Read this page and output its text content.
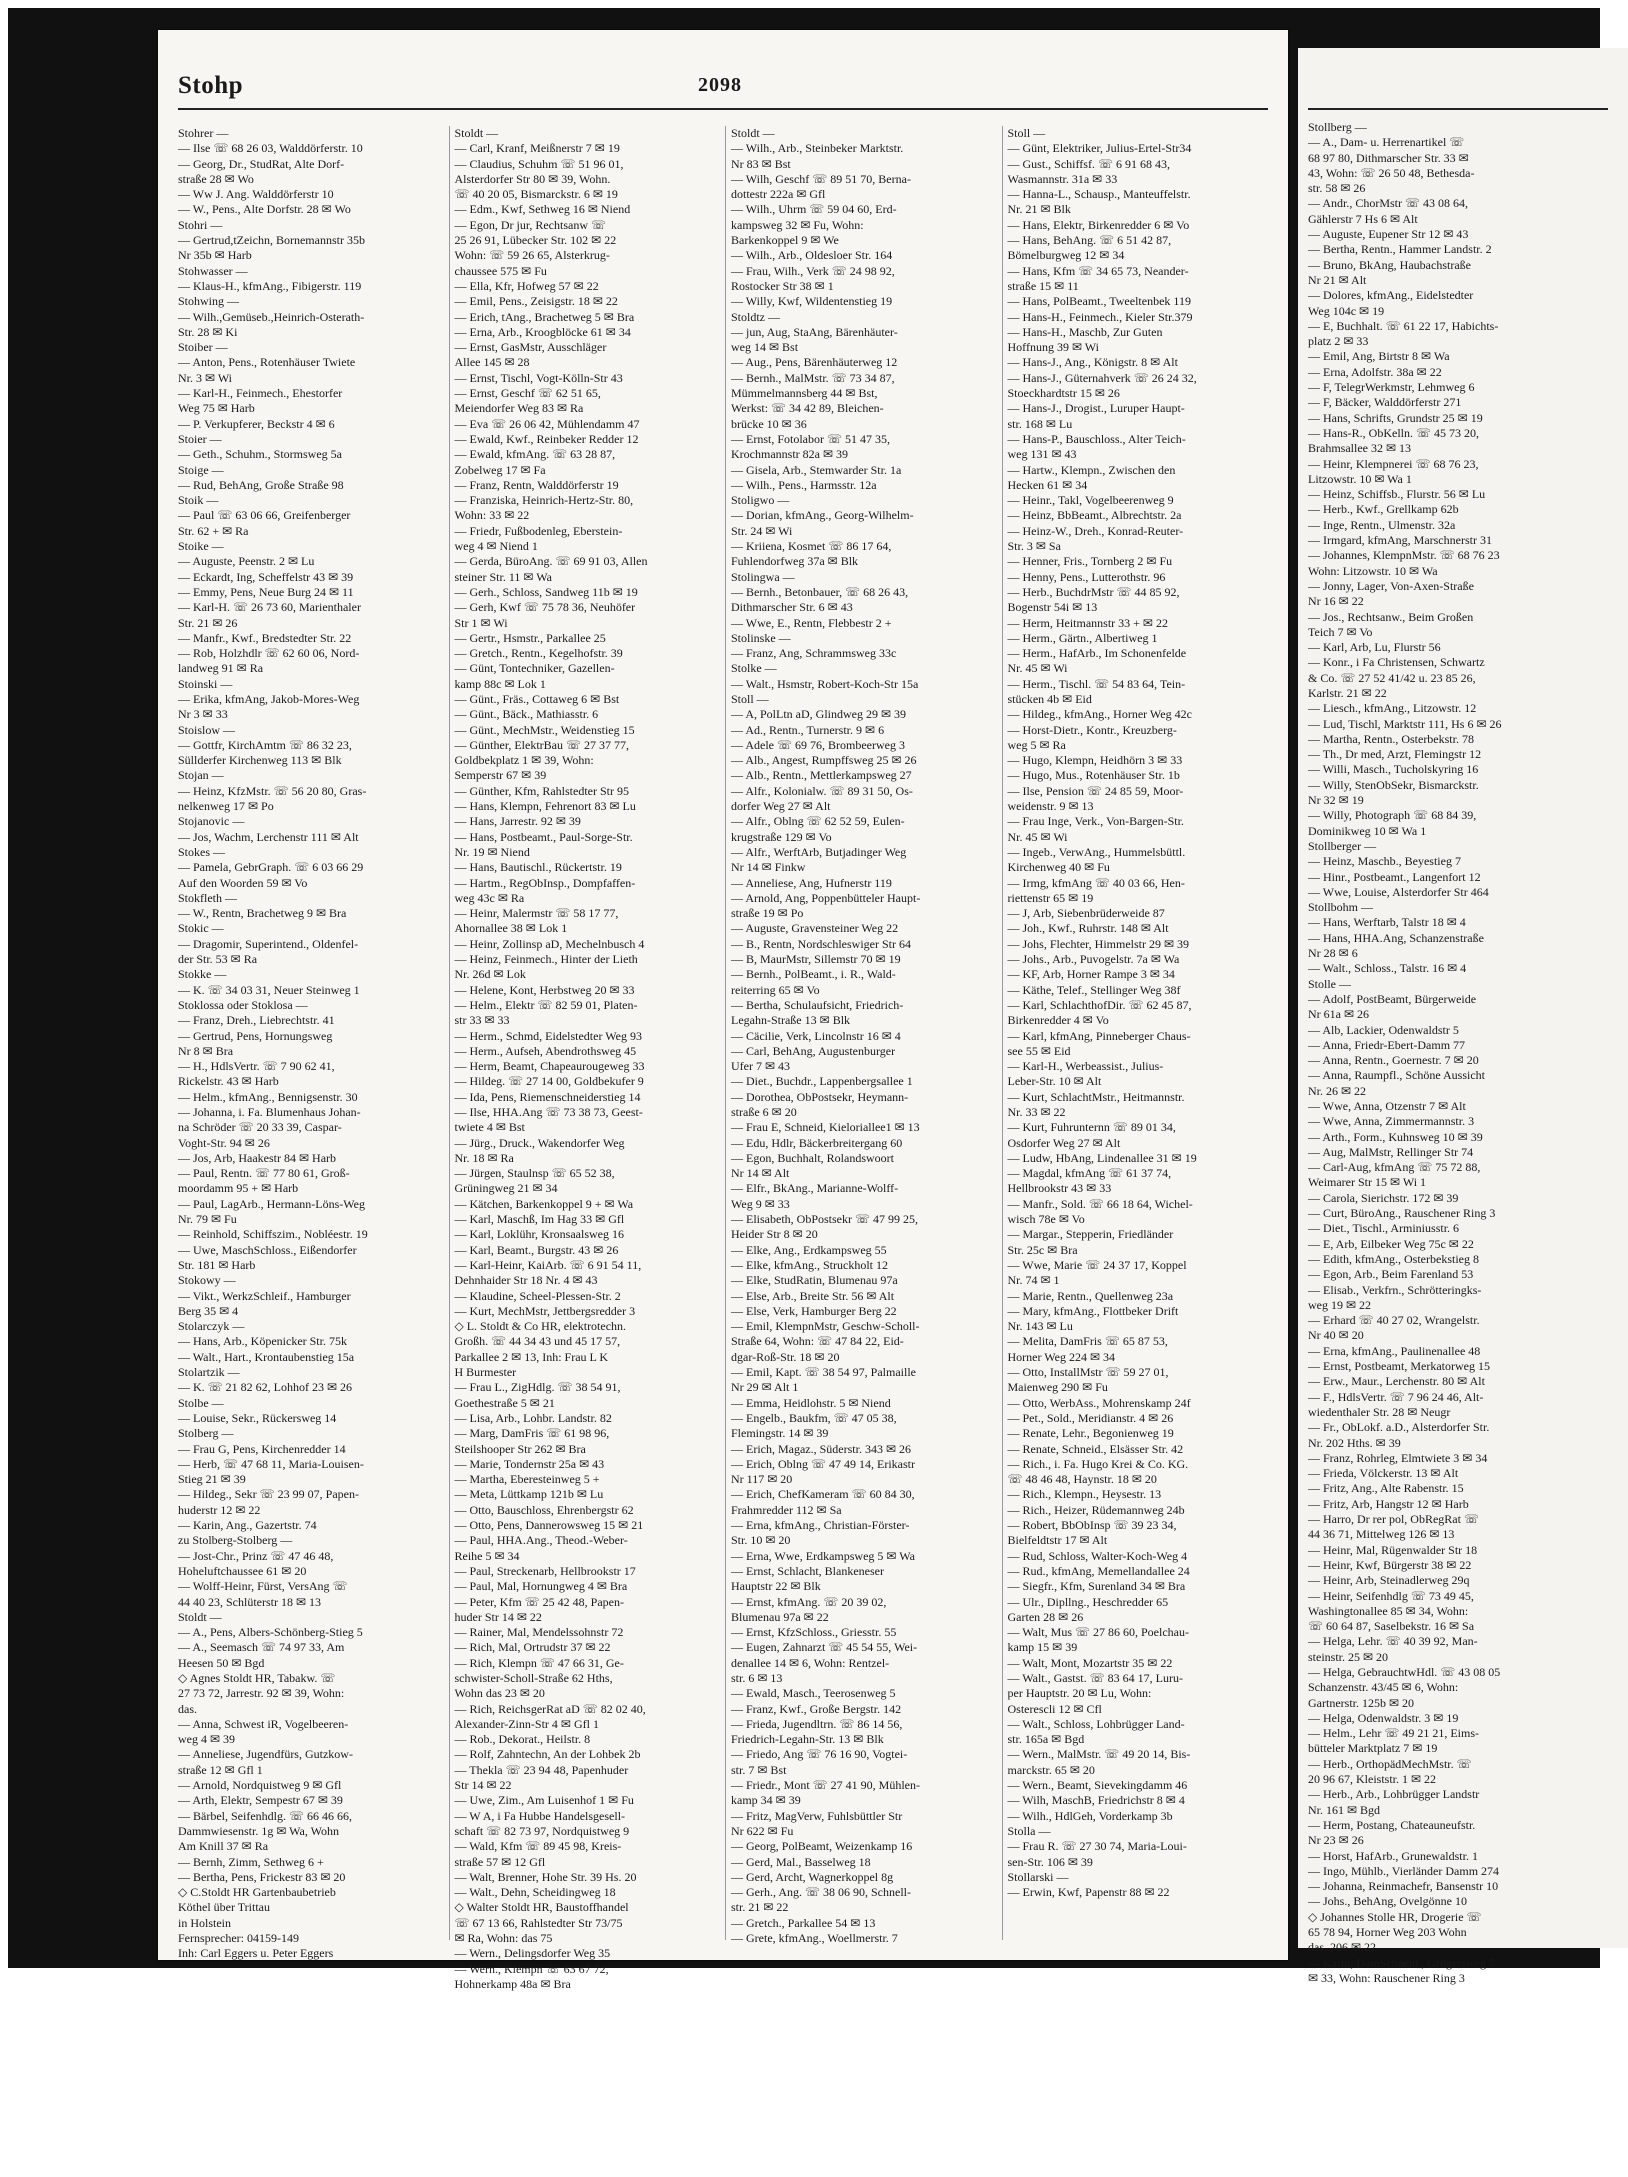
Stohp	2098
Stohrer —
— Ilse ☏ 68 26 03, Walddörferstr. 10
— Georg, Dr., StudRat, Alte Dorf-
straße 28 ✉ Wo
— Ww J. Ang. Walddörferstr 10
— W., Pens., Alte Dorfstr. 28 ✉ Wo
Stohri —
— Gertrud,tZeichn, Bornemannstr 35b
Nr 35b ✉ Harb
Stohwasser —
— Klaus-H., kfmAng., Fibigerstr. 119
Stohwing —
— Wilh.,Gemüseb.,Heinrich-Osterath-
Str. 28 ✉ Ki
Stoiber —
— Anton, Pens., Rotenhäuser Twiete
Nr. 3 ✉ Wi
— Karl-H., Feinmech., Ehestorfer
Weg 75 ✉ Harb
— P. Verkupferer, Beckstr 4 ✉ 6
Stoier —
— Geth., Schuhm., Stormsweg 5a
Stoige —
— Rud, BehAng, Große Straße 98
Stoik —
— Paul ☏ 63 06 66, Greifenberger
Str. 62 + ✉ Ra
Stoike —
— Auguste, Peenstr. 2 ✉ Lu
— Eckardt, Ing, Scheffelstr 43 ✉ 39
— Emmy, Pens, Neue Burg 24 ✉ 11
— Karl-H. ☏ 26 73 60, Marienthaler
Str. 21 ✉ 26
— Manfr., Kwf., Bredstedter Str. 22
— Rob, Holzhdlr ☏ 62 60 06, Nord-
landweg 91 ✉ Ra
Stoinski —
— Erika, kfmAng, Jakob-Mores-Weg
Nr 3 ✉ 33
Stoislow —
— Gottfr, KirchAmtm ☏ 86 32 23,
Süllderfer Kirchenweg 113 ✉ Blk
Stojan —
— Heinz, KfzMstr. ☏ 56 20 80, Gras-
nelkenweg 17 ✉ Po
Stojanovic —
— Jos, Wachm, Lerchenstr 111 ✉ Alt
Stokes —
— Pamela, GebrGraph. ☏ 6 03 66 29
Auf den Woorden 59 ✉ Vo
Stokfleth —
— W., Rentn, Brachetweg 9 ✉ Bra
Stokic —
— Dragomir, Superintend., Oldenfel-
der Str. 53 ✉ Ra
Stokke —
— K. ☏ 34 03 31, Neuer Steinweg 1
Stoklossa oder Stoklosa —
— Franz, Dreh., Liebrechtstr. 41
— Gertrud, Pens, Hornungsweg
Nr 8 ✉ Bra
— H., HdlsVertr. ☏ 7 90 62 41,
Rickelstr. 43 ✉ Harb
— Helm., kfmAng., Bennigsenstr. 30
— Johanna, i. Fa. Blumenhaus Johan-
na Schröder ☏ 20 33 39, Caspar-
Voght-Str. 94 ✉ 26
— Jos, Arb, Haakestr 84 ✉ Harb
— Paul, Rentn. ☏ 77 80 61, Groß-
moordamm 95 + ✉ Harb
— Paul, LagArb., Hermann-Löns-Weg
Nr. 79 ✉ Fu
— Reinhold, Schiffszim., Nobléestr. 19
— Uwe, MaschSchloss., Eißendorfer
Str. 181 ✉ Harb
Stokowy —
— Vikt., WerkzSchleif., Hamburger
Berg 35 ✉ 4
Stolarczyk —
— Hans, Arb., Köpenicker Str. 75k
— Walt., Hart., Krontaubenstieg 15a
Stolartzik —
— K. ☏ 21 82 62, Lohhof 23 ✉ 26
Stolbe —
— Louise, Sekr., Rückersweg 14
Stolberg —
— Frau G, Pens, Kirchenredder 14
— Herb, ☏ 47 68 11, Maria-Louisen-
Stieg 21 ✉ 39
— Hildeg., Sekr ☏ 23 99 07, Papen-
huderstr 12 ✉ 22
— Karin, Ang., Gazertstr. 74
zu Stolberg-Stolberg —
— Jost-Chr., Prinz ☏ 47 46 48,
Hoheluftchaussee 61 ✉ 20
— Wolff-Heinr, Fürst, VersAng ☏
44 40 23, Schlüterstr 18 ✉ 13
Stoldt —
— A., Pens, Albers-Schönberg-Stieg 5
— A., Seemasch ☏ 74 97 33, Am
Heesen 50 ✉ Bgd
◇ Agnes Stoldt HR, Tabakw. ☏
27 73 72, Jarrestr. 92 ✉ 39, Wohn:
das.
— Anna, Schwest iR, Vogelbeeren-
weg 4 ✉ 39
— Anneliese, Jugendfürs, Gutzkow-
straße 12 ✉ Gfl 1
— Arnold, Nordquistweg 9 ✉ Gfl
— Arth, Elektr, Sempestr 67 ✉ 39
— Bärbel, Seifenhdlg. ☏ 66 46 66,
Dammwiesenstr. 1g ✉ Wa, Wohn
Am Knill 37 ✉ Ra
— Bernh, Zimm, Sethweg 6 +
— Bertha, Pens, Frickestr 83 ✉ 20
◇ C.Stoldt HR Gartenbaubetrieb
Köthel über Trittau
in Holstein
Fernsprecher: 04159-149
Inh: Carl Eggers u. Peter Eggers
Stoldt —
— Carl, Kranf, Meißnerstr 7 ✉ 19
— Claudius, Schuhm ☏ 51 96 01,
Alsterdorfer Str 80 ✉ 39, Wohn.
☏ 40 20 05, Bismarckstr. 6 ✉ 19
— Edm., Kwf, Sethweg 16 ✉ Niend
— Egon, Dr jur, Rechtsanw ☏
25 26 91, Lübecker Str. 102 ✉ 22
Wohn: ☏ 59 26 65, Alsterkrug-
chaussee 575 ✉ Fu
— Ella, Kfr, Hofweg 57 ✉ 22
— Emil, Pens., Zeisigstr. 18 ✉ 22
— Erich, tAng., Brachetweg 5 ✉ Bra
— Erna, Arb., Kroogblöcke 61 ✉ 34
— Ernst, GasMstr, Ausschläger
Allee 145 ✉ 28
— Ernst, Tischl, Vogt-Kölln-Str 43
— Ernst, Geschf ☏ 62 51 65,
Meiendorfer Weg 83 ✉ Ra
— Eva ☏ 26 06 42, Mühlendamm 47
— Ewald, Kwf., Reinbeker Redder 12
— Ewald, kfmAng. ☏ 63 28 87,
Zobelweg 17 ✉ Fa
— Franz, Rentn, Walddörferstr 19
— Franziska, Heinrich-Hertz-Str. 80,
Wohn: 33 ✉ 22
— Friedr, Fußbodenleg, Eberstein-
weg 4 ✉ Niend 1
— Gerda, BüroAng. ☏ 69 91 03, Allen
steiner Str. 11 ✉ Wa
— Gerh., Schloss, Sandweg 11b ✉ 19
— Gerh, Kwf ☏ 75 78 36, Neuhöfer
Str 1 ✉ Wi
— Gertr., Hsmstr., Parkallee 25
— Gretch., Rentn., Kegelhofstr. 39
— Günt, Tontechniker, Gazellen-
kamp 88c ✉ Lok 1
— Günt., Fräs., Cottaweg 6 ✉ Bst
— Günt., Bäck., Mathiasstr. 6
— Günt., MechMstr., Weidenstieg 15
— Günther, ElektrBau ☏ 27 37 77,
Goldbekplatz 1 ✉ 39, Wohn:
Semperstr 67 ✉ 39
— Günther, Kfm, Rahlstedter Str 95
— Hans, Klempn, Fehrenort 83 ✉ Lu
— Hans, Jarrestr. 92 ✉ 39
— Hans, Postbeamt., Paul-Sorge-Str.
Nr. 19 ✉ Niend
— Hans, Bautischl., Rückertstr. 19
— Hartm., RegObInsp., Dompfaffen-
weg 43c ✉ Ra
— Heinr, Malermstr ☏ 58 17 77,
Ahornallee 38 ✉ Lok 1
— Heinr, Zollinsp aD, Mechelnbusch 4
— Heinz, Feinmech., Hinter der Lieth
Nr. 26d ✉ Lok
— Helene, Kont, Herbstweg 20 ✉ 33
— Helm., Elektr ☏ 82 59 01, Platen-
str 33 ✉ 33
— Herm., Schmd, Eidelstedter Weg 93
— Herm., Aufseh, Abendrothsweg 45
— Herm, Beamt, Chapeaurougeweg 33
— Hildeg. ☏ 27 14 00, Goldbekufer 9
— Ida, Pens, Riemenschneiderstieg 14
— Ilse, HHA.Ang ☏ 73 38 73, Geest-
twiete 4 ✉ Bst
— Jürg., Druck., Wakendorfer Weg
Nr. 18 ✉ Ra
— Jürgen, Staulnsp ☏ 65 52 38,
Grüningweg 21 ✉ 34
— Kätchen, Barkenkoppel 9 + ✉ Wa
— Karl, Maschß, Im Hag 33 ✉ Gfl
— Karl, Loklühr, Kronsaalsweg 16
— Karl, Beamt., Burgstr. 43 ✉ 26
— Karl-Heinr, KaiArb. ☏ 6 91 54 11,
Dehnhaider Str 18 Nr. 4 ✉ 43
— Klaudine, Scheel-Plessen-Str. 2
— Kurt, MechMstr, Jettbergsredder 3
◇ L. Stoldt & Co HR, elektrotechn.
Großh. ☏ 44 34 43 und 45 17 57,
Parkallee 2 ✉ 13, Inh: Frau L K
H Burmester
— Frau L., ZigHdlg. ☏ 38 54 91,
Goethestraße 5 ✉ 21
— Lisa, Arb., Lohbr. Landstr. 82
— Marg, DamFris ☏ 61 98 96,
Steilshooper Str 262 ✉ Bra
— Marie, Tondernstr 25a ✉ 43
— Martha, Eberesteinweg 5 +
— Meta, Lüttkamp 121b ✉ Lu
— Otto, Bauschloss, Ehrenbergstr 62
— Otto, Pens, Dannerowsweg 15 ✉ 21
— Paul, HHA.Ang., Theod.-Weber-
Reihe 5 ✉ 34
— Paul, Streckenarb, Hellbrookstr 17
— Paul, Mal, Hornungweg 4 ✉ Bra
— Peter, Kfm ☏ 25 42 48, Papen-
huder Str 14 ✉ 22
— Rainer, Mal, Mendelssohnstr 72
— Rich, Mal, Ortrudstr 37 ✉ 22
— Rich, Klempn ☏ 47 66 31, Ge-
schwister-Scholl-Straße 62 Hths,
Wohn das 23 ✉ 20
— Rich, ReichsgerRat aD ☏ 82 02 40,
Alexander-Zinn-Str 4 ✉ Gfl 1
— Rob., Dekorat., Heilstr. 8
— Rolf, Zahntechn, An der Lohbek 2b
— Thekla ☏ 23 94 48, Papenhuder
Str 14 ✉ 22
— Uwe, Zim., Am Luisenhof 1 ✉ Fu
— W A, i Fa Hubbe Handelsgesell-
schaft ☏ 82 73 97, Nordquistweg 9
— Wald, Kfm ☏ 89 45 98, Kreis-
straße 57 ✉ 12 Gfl
— Walt, Brenner, Hohe Str. 39 Hs. 20
— Walt., Dehn, Scheidingweg 18
◇ Walter Stoldt HR, Baustoffhandel
☏ 67 13 66, Rahlstedter Str 73/75
✉ Ra, Wohn: das 75
— Wern., Delingsdorfer Weg 35
— Wern., Klempn ☏ 63 67 72,
Hohnerkamp 48a ✉ Bra
Stoldt —
— Wilh., Arb., Steinbeker Marktstr.
Nr 83 ✉ Bst
— Wilh, Geschf ☏ 89 51 70, Berna-
dottestr 222a ✉ Gfl
— Wilh., Uhrm ☏ 59 04 60, Erd-
kampsweg 32 ✉ Fu, Wohn:
Barkenkoppel 9 ✉ We
— Wilh., Arb., Oldesloer Str. 164
— Frau, Wilh., Verk ☏ 24 98 92,
Rostocker Str 38 ✉ 1
— Willy, Kwf, Wildentenstieg 19
Stoldtz —
— jun, Aug, StaAng, Bärenhäuter-
weg 14 ✉ Bst
— Aug., Pens, Bärenhäuterweg 12
— Bernh., MalMstr. ☏ 73 34 87,
Mümmelmannsberg 44 ✉ Bst,
Werkst: ☏ 34 42 89, Bleichen-
brücke 10 ✉ 36
— Ernst, Fotolabor ☏ 51 47 35,
Krochmannstr 82a ✉ 39
— Gisela, Arb., Stemwarder Str. 1a
— Wilh., Pens., Harmsstr. 12a
Stoligwo —
— Dorian, kfmAng., Georg-Wilhelm-
Str. 24 ✉ Wi
— Kriiena, Kosmet ☏ 86 17 64,
Fuhlendorfweg 37a ✉ Blk
Stolingwa —
— Bernh., Betonbauer, ☏ 68 26 43,
Dithmarscher Str. 6 ✉ 43
— Wwe, E., Rentn, Flebbestr 2 +
Stolinske —
— Franz, Ang, Schrammsweg 33c
Stolke —
— Walt., Hsmstr, Robert-Koch-Str 15a
Stoll —
— A, PolLtn aD, Glindweg 29 ✉ 39
— Ad., Rentn., Turnerstr. 9 ✉ 6
— Adele ☏ 69 76, Brombeerweg 3
— Alb., Angest, Rumpffsweg 25 ✉ 26
— Alb., Rentn., Mettlerkampsweg 27
— Alfr., Kolonialw. ☏ 89 31 50, Os-
dorfer Weg 27 ✉ Alt
— Alfr., Oblng ☏ 62 52 59, Eulen-
krugstraße 129 ✉ Vo
— Alfr., WerftArb, Butjadinger Weg
Nr 14 ✉ Finkw
— Anneliese, Ang, Hufnerstr 119
— Arnold, Ang, Poppenbütteler Haupt-
straße 19 ✉ Po
— Auguste, Gravensteiner Weg 22
— B., Rentn, Nordschleswiger Str 64
— B, MaurMstr, Sillemstr 70 ✉ 19
— Bernh., PolBeamt., i. R., Wald-
reiterring 65 ✉ Vo
— Bertha, Schulaufsicht, Friedrich-
Legahn-Straße 13 ✉ Blk
— Cäcilie, Verk, Lincolnstr 16 ✉ 4
— Carl, BehAng, Augustenburger
Ufer 7 ✉ 43
— Diet., Buchdr., Lappenbergsallee 1
— Dorothea, ObPostsekr, Heymann-
straße 6 ✉ 20
— Frau E, Schneid, Kieloriallee1 ✉ 13
— Edu, Hdlr, Bäckerbreitergang 60
— Egon, Buchhalt, Rolandswoort
Nr 14 ✉ Alt
— Elfr., BkAng., Marianne-Wolff-
Weg 9 ✉ 33
— Elisabeth, ObPostsekr ☏ 47 99 25,
Heider Str 8 ✉ 20
— Elke, Ang., Erdkampsweg 55
— Elke, kfmAng., Struckholt 12
— Elke, StudRatin, Blumenau 97a
— Else, Arb., Breite Str. 56 ✉ Alt
— Else, Verk, Hamburger Berg 22
— Emil, KlempnMstr, Geschw-Scholl-
Straße 64, Wohn: ☏ 47 84 22, Eid-
dgar-Roß-Str. 18 ✉ 20
— Emil, Kapt. ☏ 38 54 97, Palmaille
Nr 29 ✉ Alt 1
— Emma, Heidlohstr. 5 ✉ Niend
— Engelb., Baukfm, ☏ 47 05 38,
Flemingstr. 14 ✉ 39
— Erich, Magaz., Süderstr. 343 ✉ 26
— Erich, Oblng ☏ 47 49 14, Erikastr
Nr 117 ✉ 20
— Erich, ChefKameram ☏ 60 84 30,
Frahmredder 112 ✉ Sa
— Erna, kfmAng., Christian-Förster-
Str. 10 ✉ 20
— Erna, Wwe, Erdkampsweg 5 ✉ Wa
— Ernst, Schlacht, Blankeneser
Hauptstr 22 ✉ Blk
— Ernst, kfmAng. ☏ 20 39 02,
Blumenau 97a ✉ 22
— Ernst, KfzSchloss., Griesstr. 55
— Eugen, Zahnarzt ☏ 45 54 55, Wei-
denallee 14 ✉ 6, Wohn: Rentzel-
str. 6 ✉ 13
— Ewald, Masch., Teerosenweg 5
— Franz, Kwf., Große Bergstr. 142
— Frieda, Jugendltrn. ☏ 86 14 56,
Friedrich-Legahn-Str. 13 ✉ Blk
— Friedo, Ang ☏ 76 16 90, Vogtei-
str. 7 ✉ Bst
— Friedr., Mont ☏ 27 41 90, Mühlen-
kamp 34 ✉ 39
— Fritz, MagVerw, Fuhlsbüttler Str
Nr 622 ✉ Fu
— Georg, PolBeamt, Weizenkamp 16
— Gerd, Mal., Basselweg 18
— Gerd, Archt, Wagnerkoppel 8g
— Gerh., Ang. ☏ 38 06 90, Schnell-
str. 21 ✉ 22
— Gretch., Parkallee 54 ✉ 13
— Grete, kfmAng., Woellmerstr. 7
Stoll —
— Günt, Elektriker, Julius-Ertel-Str34
— Gust., Schiffsf. ☏ 6 91 68 43,
Wasmannstr. 31a ✉ 33
— Hanna-L., Schausp., Manteuffelstr.
Nr. 21 ✉ Blk
— Hans, Elektr, Birkenredder 6 ✉ Vo
— Hans, BehAng. ☏ 6 51 42 87,
Bömelburgweg 12 ✉ 34
— Hans, Kfm ☏ 34 65 73, Neander-
straße 15 ✉ 11
— Hans, PolBeamt., Tweeltenbek 119
— Hans-H., Feinmech., Kieler Str.379
— Hans-H., Maschb, Zur Guten
Hoffnung 39 ✉ Wi
— Hans-J., Ang., Königstr. 8 ✉ Alt
— Hans-J., Güternahverk ☏ 26 24 32,
Stoeckhardtstr 15 ✉ 26
— Hans-J., Drogist., Luruper Haupt-
str. 168 ✉ Lu
— Hans-P., Bauschloss., Alter Teich-
weg 131 ✉ 43
— Hartw., Klempn., Zwischen den
Hecken 61 ✉ 34
— Heinr., Takl, Vogelbeerenweg 9
— Heinz, BbBeamt., Albrechtstr. 2a
— Heinz-W., Dreh., Konrad-Reuter-
Str. 3 ✉ Sa
— Henner, Fris., Tornberg 2 ✉ Fu
— Henny, Pens., Lutterothstr. 96
— Herb., BuchdrMstr ☏ 44 85 92,
Bogenstr 54i ✉ 13
— Herm, Heitmannstr 33 + ✉ 22
— Herm., Gärtn., Albertiweg 1
— Herm., HafArb., Im Schonenfelde
Nr. 45 ✉ Wi
— Herm., Tischl. ☏ 54 83 64, Tein-
stücken 4b ✉ Eid
— Hildeg., kfmAng., Horner Weg 42c
— Horst-Dietr., Kontr., Kreuzberg-
weg 5 ✉ Ra
— Hugo, Klempn, Heidhörn 3 ✉ 33
— Hugo, Mus., Rotenhäuser Str. 1b
— Ilse, Pension ☏ 24 85 59, Moor-
weidenstr. 9 ✉ 13
— Frau Inge, Verk., Von-Bargen-Str.
Nr. 45 ✉ Wi
— Ingeb., VerwAng., Hummelsbüttl.
Kirchenweg 40 ✉ Fu
— Irmg, kfmAng ☏ 40 03 66, Hen-
riettenstr 65 ✉ 19
— J, Arb, Siebenbrüderweide 87
— Joh., Kwf., Ruhrstr. 148 ✉ Alt
— Johs, Flechter, Himmelstr 29 ✉ 39
— Johs., Arb., Puvogelstr. 7a ✉ Wa
— KF, Arb, Horner Rampe 3 ✉ 34
— Käthe, Telef., Stellinger Weg 38f
— Karl, SchlachthofDir. ☏ 62 45 87,
Birkenredder 4 ✉ Vo
— Karl, kfmAng, Pinneberger Chaus-
see 55 ✉ Eid
— Karl-H., Werbeassist., Julius-
Leber-Str. 10 ✉ Alt
— Kurt, SchlachtMstr., Heitmannstr.
Nr. 33 ✉ 22
— Kurt, Fuhrunternn ☏ 89 01 34,
Osdorfer Weg 27 ✉ Alt
— Ludw, HbAng, Lindenallee 31 ✉ 19
— Magdal, kfmAng ☏ 61 37 74,
Hellbrookstr 43 ✉ 33
— Manfr., Sold. ☏ 66 18 64, Wichel-
wisch 78e ✉ Vo
— Margar., Stepperin, Friedländer
Str. 25c ✉ Bra
— Wwe, Marie ☏ 24 37 17, Koppel
Nr. 74 ✉ 1
— Marie, Rentn., Quellenweg 23a
— Mary, kfmAng., Flottbeker Drift
Nr. 143 ✉ Lu
— Melita, DamFris ☏ 65 87 53,
Horner Weg 224 ✉ 34
— Otto, InstallMstr ☏ 59 27 01,
Maienweg 290 ✉ Fu
— Otto, WerbAss., Mohrenskamp 24f
— Pet., Sold., Meridianstr. 4 ✉ 26
— Renate, Lehr., Begonienweg 19
— Renate, Schneid., Elsässer Str. 42
— Rich., i. Fa. Hugo Krei & Co. KG.
☏ 48 46 48, Haynstr. 18 ✉ 20
— Rich., Klempn., Heysestr. 13
— Rich., Heizer, Rüdemannweg 24b
— Robert, BbObInsp ☏ 39 23 34,
Bielfeldtstr 17 ✉ Alt
— Rud, Schloss, Walter-Koch-Weg 4
— Rud., kfmAng, Memellandallee 24
— Siegfr., Kfm, Surenland 34 ✉ Bra
— Ulr., Dipllng., Heschredder 65
Garten 28 ✉ 26
— Walt, Mus ☏ 27 86 60, Poelchau-
kamp 15 ✉ 39
— Walt, Mont, Mozartstr 35 ✉ 22
— Walt., Gastst. ☏ 83 64 17, Luru-
per Hauptstr. 20 ✉ Lu, Wohn:
Osterescli 12 ✉ Cfl
— Walt., Schloss, Lohbrügger Land-
str. 165a ✉ Bgd
— Wern., MalMstr. ☏ 49 20 14, Bis-
marckstr. 65 ✉ 20
— Wern., Beamt, Sievekingdamm 46
— Wilh, MaschB, Friedrichstr 8 ✉ 4
— Wilh., HdlGeh, Vorderkamp 3b
Stolla —
— Frau R. ☏ 27 30 74, Maria-Loui-
sen-Str. 106 ✉ 39
Stollarski —
— Erwin, Kwf, Papenstr 88 ✉ 22
Stollberg —
— A., Dam- u. Herrenartikel ☏
68 97 80, Dithmarscher Str. 33 ✉
43, Wohn: ☏ 26 50 48, Bethesda-
str. 58 ✉ 26
— Andr., ChorMstr ☏ 43 08 64,
Gählerstr 7 Hs 6 ✉ Alt
— Auguste, Eupener Str 12 ✉ 43
— Bertha, Rentn., Hammer Landstr. 2
— Bruno, BkAng, Haubachstraße
Nr 21 ✉ Alt
— Dolores, kfmAng., Eidelstedter
Weg 104c ✉ 19
— E, Buchhalt. ☏ 61 22 17, Habichts-
platz 2 ✉ 33
— Emil, Ang, Birtstr 8 ✉ Wa
— Erna, Adolfstr. 38a ✉ 22
— F, TelegrWerkmstr, Lehmweg 6
— F, Bäcker, Walddörferstr 271
— Hans, Schrifts, Grundstr 25 ✉ 19
— Hans-R., ObKelln. ☏ 45 73 20,
Brahmsallee 32 ✉ 13
— Heinr, Klempnerei ☏ 68 76 23,
Litzowstr. 10 ✉ Wa 1
— Heinz, Schiffsb., Flurstr. 56 ✉ Lu
— Herb., Kwf., Grellkamp 62b
— Inge, Rentn., Ulmenstr. 32a
— Irmgard, kfmAng, Marschnerstr 31
— Johannes, KlempnMstr. ☏ 68 76 23
Wohn: Litzowstr. 10 ✉ Wa
— Jonny, Lager, Von-Axen-Straße
Nr 16 ✉ 22
— Jos., Rechtsanw., Beim Großen
Teich 7 ✉ Vo
— Karl, Arb, Lu, Flurstr 56
— Konr., i Fa Christensen, Schwartz
& Co. ☏ 27 52 41/42 u. 23 85 26,
Karlstr. 21 ✉ 22
— Liesch., kfmAng., Litzowstr. 12
— Lud, Tischl, Marktstr 111, Hs 6 ✉ 26
— Martha, Rentn., Osterbekstr. 78
— Th., Dr med, Arzt, Flemingstr 12
— Willi, Masch., Tucholskyring 16
— Willy, StenObSekr, Bismarckstr.
Nr 32 ✉ 19
— Willy, Photograph ☏ 68 84 39,
Dominikweg 10 ✉ Wa 1
Stollberger —
— Heinz, Maschb., Beyestieg 7
— Hinr., Postbeamt., Langenfort 12
— Wwe, Louise, Alsterdorfer Str 464
Stollbohm —
— Hans, Werftarb, Talstr 18 ✉ 4
— Hans, HHA.Ang, Schanzenstraße
Nr 28 ✉ 6
— Walt., Schloss., Talstr. 16 ✉ 4
Stolle —
— Adolf, PostBeamt, Bürgerweide
Nr 61a ✉ 26
— Alb, Lackier, Odenwaldstr 5
— Anna, Friedr-Ebert-Damm 77
— Anna, Rentn., Goernestr. 7 ✉ 20
— Anna, Raumpfl., Schöne Aussicht
Nr. 26 ✉ 22
— Wwe, Anna, Otzenstr 7 ✉ Alt
— Wwe, Anna, Zimmermannstr. 3
— Arth., Form., Kuhnsweg 10 ✉ 39
— Aug, MalMstr, Rellinger Str 74
— Carl-Aug, kfmAng ☏ 75 72 88,
Weimarer Str 15 ✉ Wi 1
— Carola, Sierichstr. 172 ✉ 39
— Curt, BüroAng., Rauschener Ring 3
— Diet., Tischl., Arminiusstr. 6
— E, Arb, Eilbeker Weg 75c ✉ 22
— Edith, kfmAng., Osterbekstieg 8
— Egon, Arb., Beim Farenland 53
— Elisab., Verkfrn., Schrötteringks-
weg 19 ✉ 22
— Erhard ☏ 40 27 02, Wrangelstr.
Nr 40 ✉ 20
— Erna, kfmAng., Paulinenallee 48
— Ernst, Postbeamt, Merkatorweg 15
— Erw., Maur., Lerchenstr. 80 ✉ Alt
— F., HdlsVertr. ☏ 7 96 24 46, Alt-
wiedenthaler Str. 28 ✉ Neugr
— Fr., ObLokf. a.D., Alsterdorfer Str.
Nr. 202 Hths. ✉ 39
— Franz, Rohrleg, Elmtwiete 3 ✉ 34
— Frieda, Völckerstr. 13 ✉ Alt
— Fritz, Ang., Alte Rabenstr. 15
— Fritz, Arb, Hangstr 12 ✉ Harb
— Harro, Dr rer pol, ObRegRat ☏
44 36 71, Mittelweg 126 ✉ 13
— Heinr, Mal, Rügenwalder Str 18
— Heinr, Kwf, Bürgerstr 38 ✉ 22
— Heinr, Arb, Steinadlerweg 29q
— Heinr, Seifenhdlg ☏ 73 49 45,
Washingtonallee 85 ✉ 34, Wohn:
☏ 60 64 87, Saselbekstr. 16 ✉ Sa
— Helga, Lehr. ☏ 40 39 92, Man-
steinstr. 25 ✉ 20
— Helga, GebrauchtwHdl. ☏ 43 08 05
Schanzenstr. 43/45 ✉ 6, Wohn:
Gartnerstr. 125b ✉ 20
— Helga, Odenwaldstr. 3 ✉ 19
— Helm., Lehr ☏ 49 21 21, Eims-
bütteler Marktplatz 7 ✉ 19
— Herb., OrthopädMechMstr. ☏
20 96 67, Kleiststr. 1 ✉ 22
— Herb., Arb., Lohbrügger Landstr
Nr. 161 ✉ Bgd
— Herm, Postang, Chateauneufstr.
Nr 23 ✉ 26
— Horst, HafArb., Grunewaldstr. 1
— Ingo, Mühlb., Vierländer Damm 274
— Johanna, Reinmachefr, Bansenstr 10
— Johs., BehAng, Ovelgönne 10
◇ Johannes Stolle HR, Drogerie ☏
65 78 94, Horner Weg 203 Wohn
das. 206 ✉ 22
— Karin, DamSchneid., Grögersweg 7
✉ 33, Wohn: Rauschener Ring 3
